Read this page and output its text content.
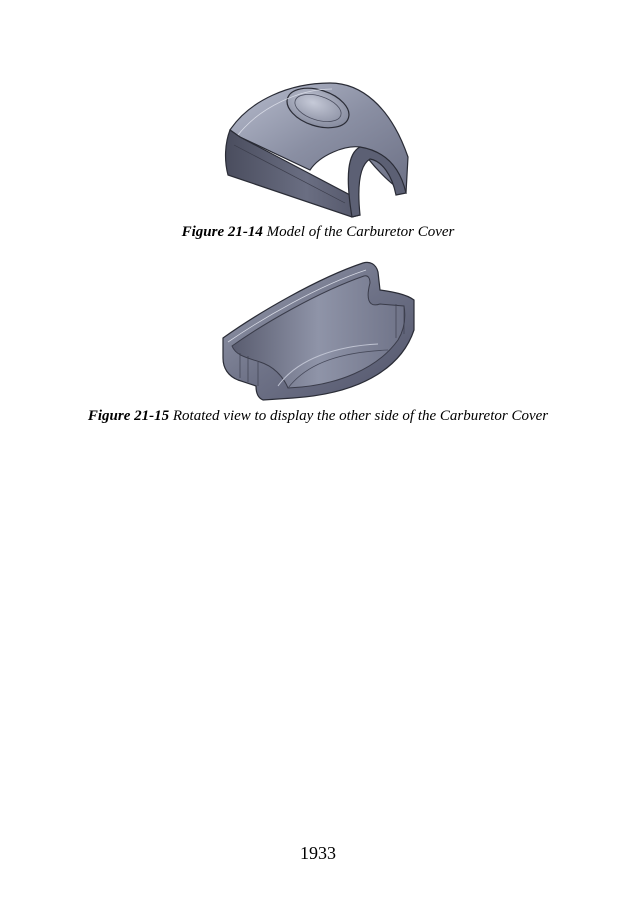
Figure 21-14 Model of the Carburetor Cover
Figure 21-15 Rotated view to display the other side of the Carburetor Cover
1933
